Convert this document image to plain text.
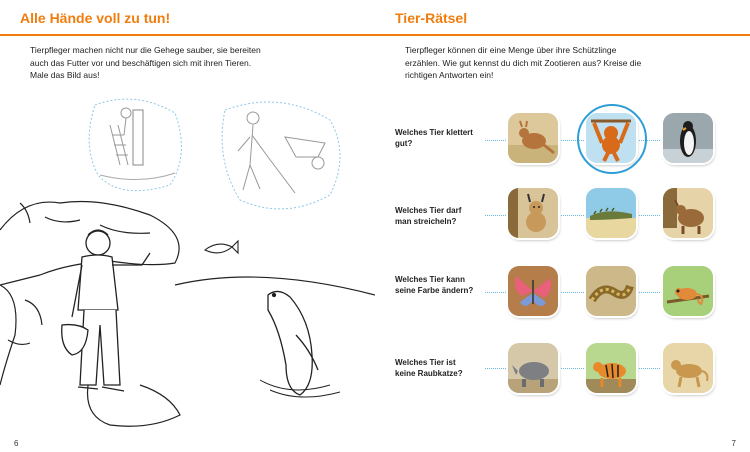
Alle Hände voll zu tun!
Tierpfleger machen nicht nur die Gehege sauber, sie bereiten auch das Futter vor und beschäftigen sich mit ihren Tieren. Male das Bild aus!
6
Tier-Rätsel
Tierpfleger können dir eine Menge über ihre Schützlinge erzählen. Wie gut kennst du dich mit Zootieren aus? Kreise die richtigen Antworten ein!
Welches Tier klettert gut?
Welches Tier darf man streicheln?
Welches Tier kann seine Farbe ändern?
Welches Tier ist keine Raubkatze?
7
